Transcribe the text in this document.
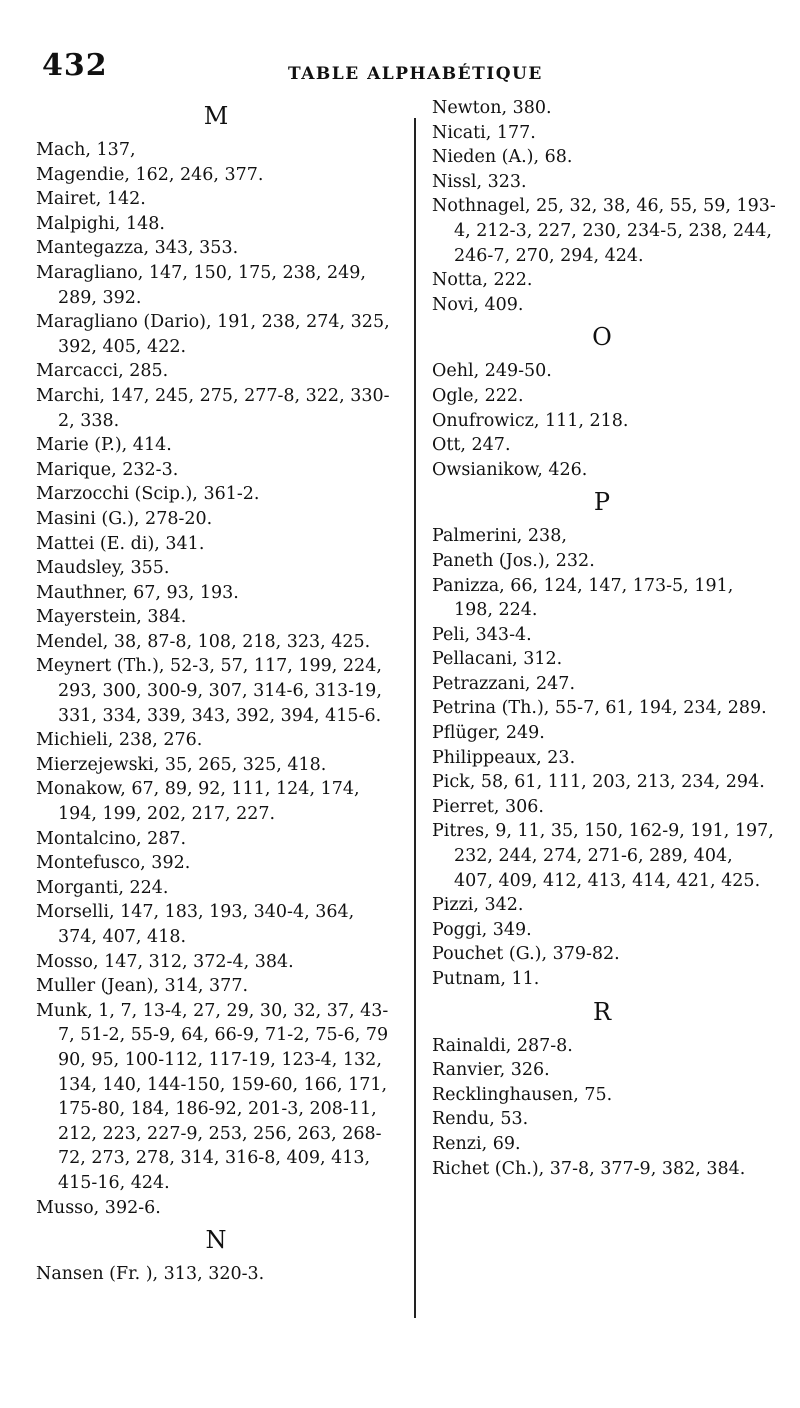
432	TABLE ALPHABÉTIQUE
M
Mach, 137,
Magendie, 162, 246, 377.
Mairet, 142.
Malpighi, 148.
Mantegazza, 343, 353.
Maragliano, 147, 150, 175, 238, 249, 289, 392.
Maragliano (Dario), 191, 238, 274, 325, 392, 405, 422.
Marcacci, 285.
Marchi, 147, 245, 275, 277-8, 322, 330-2, 338.
Marie (P.), 414.
Marique, 232-3.
Marzocchi (Scip.), 361-2.
Masini (G.), 278-20.
Mattei (E. di), 341.
Maudsley, 355.
Mauthner, 67, 93, 193.
Mayerstein, 384.
Mendel, 38, 87-8, 108, 218, 323, 425.
Meynert (Th.), 52-3, 57, 117, 199, 224, 293, 300, 300-9, 307, 314-6, 313-19, 331, 334, 339, 343, 392, 394, 415-6.
Michieli, 238, 276.
Mierzejewski, 35, 265, 325, 418.
Monakow, 67, 89, 92, 111, 124, 174, 194, 199, 202, 217, 227.
Montalcino, 287.
Montefusco, 392.
Morganti, 224.
Morselli, 147, 183, 193, 340-4, 364, 374, 407, 418.
Mosso, 147, 312, 372-4, 384.
Muller (Jean), 314, 377.
Munk, 1, 7, 13-4, 27, 29, 30, 32, 37, 43-7, 51-2, 55-9, 64, 66-9, 71-2, 75-6, 79 90, 95, 100-112, 117-19, 123-4, 132, 134, 140, 144-150, 159-60, 166, 171, 175-80, 184, 186-92, 201-3, 208-11, 212, 223, 227-9, 253, 256, 263, 268-72, 273, 278, 314, 316-8, 409, 413, 415-16, 424.
Musso, 392-6.
N
Nansen (Fr. ), 313, 320-3.
Newton, 380.
Nicati, 177.
Nieden (A.), 68.
Nissl, 323.
Nothnagel, 25, 32, 38, 46, 55, 59, 193-4, 212-3, 227, 230, 234-5, 238, 244, 246-7, 270, 294, 424.
Notta, 222.
Novi, 409.
O
Oehl, 249-50.
Ogle, 222.
Onufrowicz, 111, 218.
Ott, 247.
Owsianikow, 426.
P
Palmerini, 238,
Paneth (Jos.), 232.
Panizza, 66, 124, 147, 173-5, 191, 198, 224.
Peli, 343-4.
Pellacani, 312.
Petrazzani, 247.
Petrina (Th.), 55-7, 61, 194, 234, 289.
Pflüger, 249.
Philippeaux, 23.
Pick, 58, 61, 111, 203, 213, 234, 294.
Pierret, 306.
Pitres, 9, 11, 35, 150, 162-9, 191, 197, 232, 244, 274, 271-6, 289, 404, 407, 409, 412, 413, 414, 421, 425.
Pizzi, 342.
Poggi, 349.
Pouchet (G.), 379-82.
Putnam, 11.
R
Rainaldi, 287-8.
Ranvier, 326.
Recklinghausen, 75.
Rendu, 53.
Renzi, 69.
Richet (Ch.), 37-8, 377-9, 382, 384.
